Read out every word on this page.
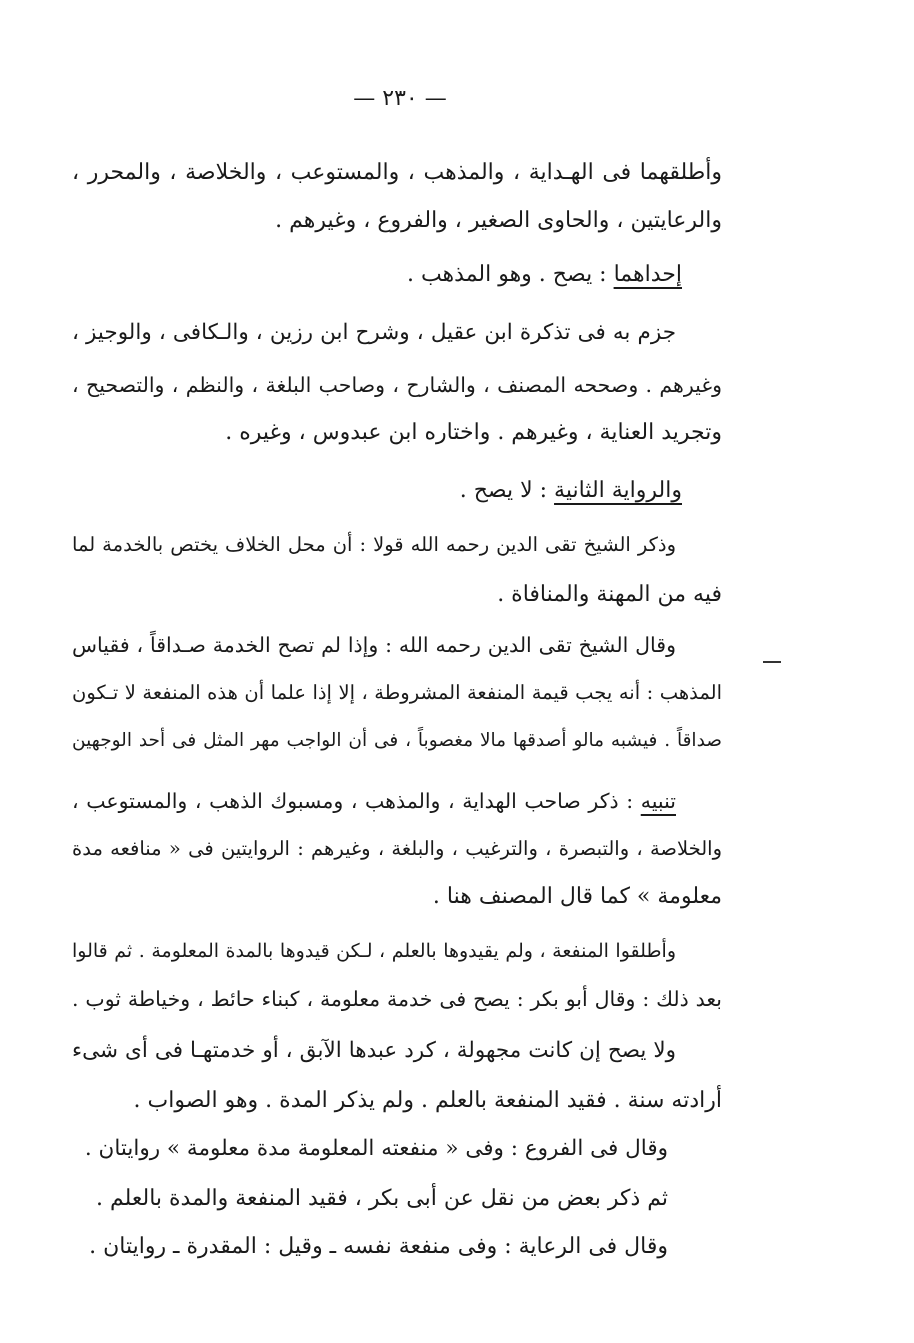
— ٢٣٠ —
وأطلقهما فى الهـداية ، والمذهب ، والمستوعب ، والخلاصة ، والمحرر ،
والرعايتين ، والحاوى الصغير ، والفروع ، وغيرهم .
إحداهما : يصح . وهو المذهب .
جزم به فى تذكرة ابن عقيل ، وشرح ابن رزين ، والـكافى ، والوجيز ،
وغيرهم . وصححه المصنف ، والشارح ، وصاحب البلغة ، والنظم ، والتصحيح ،
وتجريد العناية ، وغيرهم . واختاره ابن عبدوس ، وغيره .
والرواية الثانية : لا يصح .
وذكر الشيخ تقى الدين رحمه الله قولا : أن محل الخلاف يختص بالخدمة لما
فيه من المهنة والمنافاة .
وقال الشيخ تقى الدين رحمه الله : وإذا لم تصح الخدمة صـداقاً ، فقياس
المذهب : أنه يجب قيمة المنفعة المشروطة ، إلا إذا علما أن هذه المنفعة لا تـكون
صداقاً . فيشبه مالو أصدقها مالا مغصوباً ، فى أن الواجب مهر المثل فى أحد الوجهين
تنبيه : ذكر صاحب الهداية ، والمذهب ، ومسبوك الذهب ، والمستوعب ،
والخلاصة ، والتبصرة ، والترغيب ، والبلغة ، وغيرهم : الروايتين فى « منافعه مدة
معلومة » كما قال المصنف هنا .
وأطلقوا المنفعة ، ولم يقيدوها بالعلم ، لـكن قيدوها بالمدة المعلومة . ثم قالوا
بعد ذلك : وقال أبو بكر : يصح فى خدمة معلومة ، كبناء حائط ، وخياطة ثوب .
ولا يصح إن كانت مجهولة ، كرد عبدها الآبق ، أو خدمتهـا فى أى شىء
أرادته سنة . فقيد المنفعة بالعلم . ولم يذكر المدة . وهو الصواب .
وقال فى الفروع : وفى « منفعته المعلومة مدة معلومة » روايتان .
ثم ذكر بعض من نقل عن أبى بكر ، فقيد المنفعة والمدة بالعلم .
وقال فى الرعاية : وفى منفعة نفسه ـ وقيل : المقدرة ـ روايتان .
